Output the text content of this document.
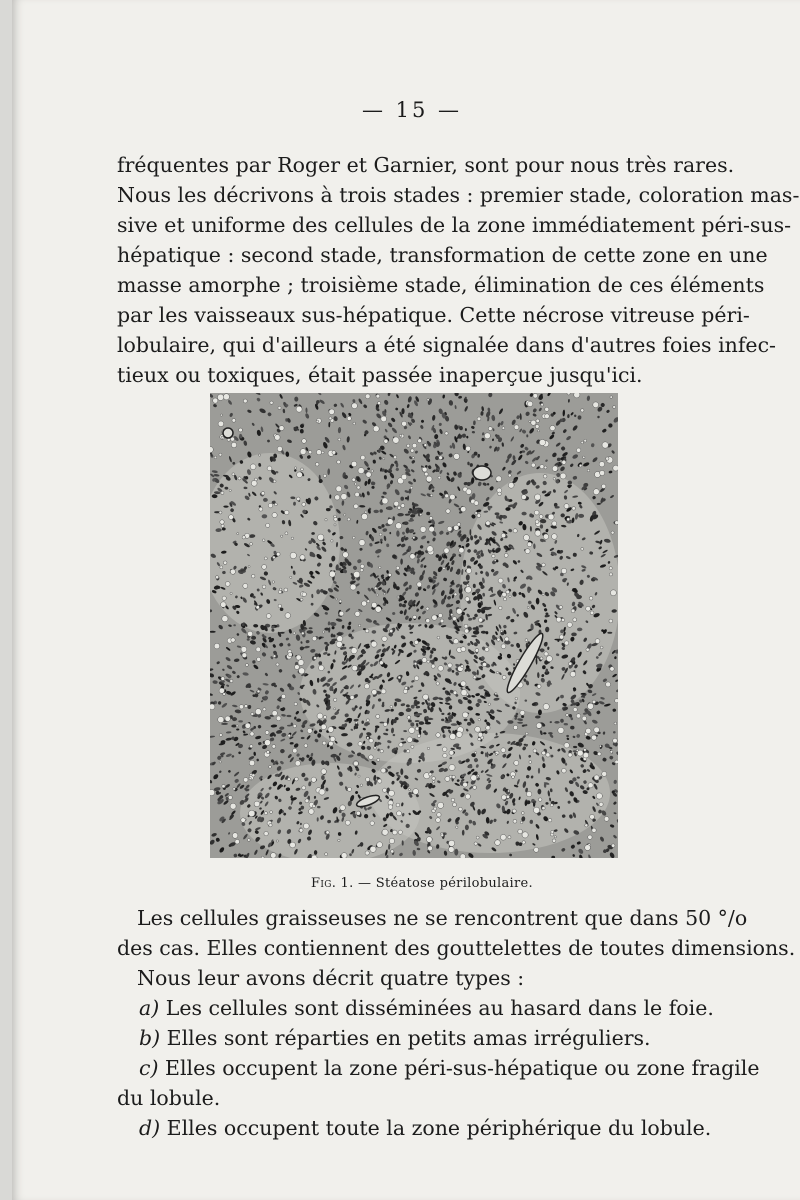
— 15 —
fréquentes par Roger et Garnier, sont pour nous très rares.
Nous les décrivons à trois stades : premier stade, coloration mas-
sive et uniforme des cellules de la zone immédiatement péri-sus-
hépatique : second stade, transformation de cette zone en une
masse amorphe ; troisième stade, élimination de ces éléments
par les vaisseaux sus-hépatique. Cette nécrose vitreuse péri-
lobulaire, qui d'ailleurs a été signalée dans d'autres foies infec-
tieux ou toxiques, était passée inaperçue jusqu'ici.
Fig. 1. — Stéatose périlobulaire.
Les cellules graisseuses ne se rencontrent que dans 50 °/o
des cas. Elles contiennent des gouttelettes de toutes dimensions.
Nous leur avons décrit quatre types :
a) Les cellules sont disséminées au hasard dans le foie.
b) Elles sont réparties en petits amas irréguliers.
c) Elles occupent la zone péri-sus-hépatique ou zone fragile
du lobule.
d) Elles occupent toute la zone périphérique du lobule.
